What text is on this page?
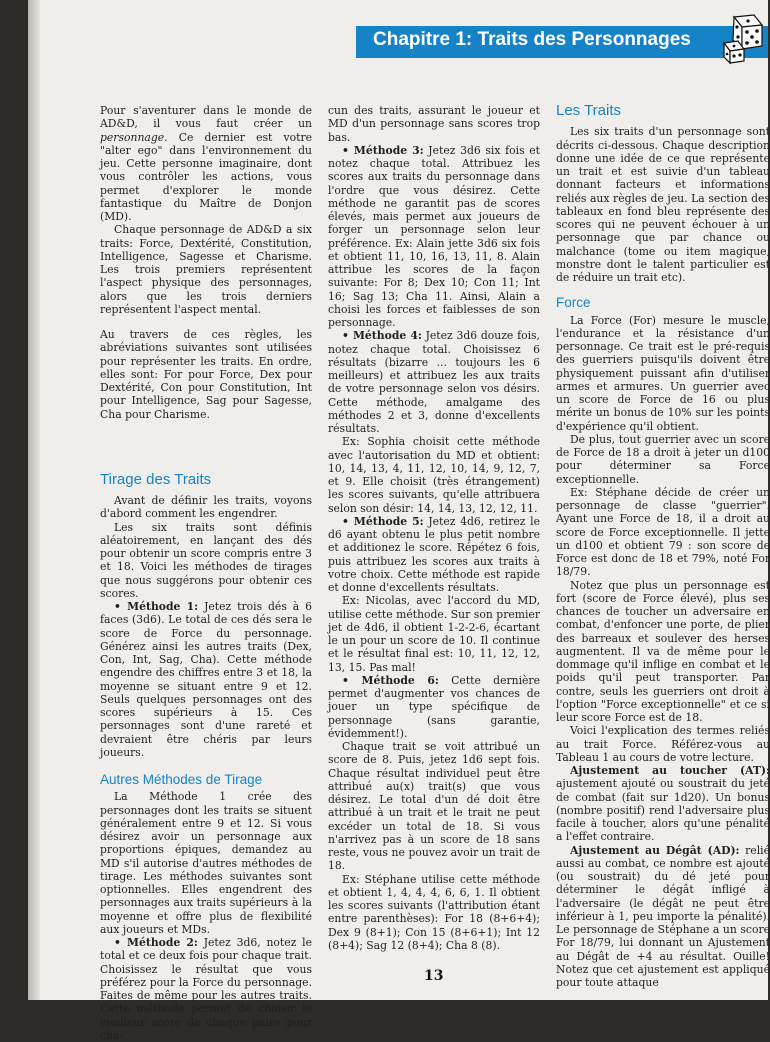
Chapitre 1: Traits des Personnages

Pour s'aventurer dans le monde de AD&D, il vous faut créer un personnage. Ce dernier est votre "alter ego" dans l'environnement du jeu. Cette personne imaginaire, dont vous contrôler les actions, vous permet d'explorer le monde fantastique du Maître de Donjon (MD).

Chaque personnage de AD&D a six traits: Force, Dextérité, Constitution, Intelligence, Sagesse et Charisme. Les trois premiers représentent l'aspect physique des personnages, alors que les trois derniers représentent l'aspect mental.

Au travers de ces règles, les abréviations suivantes sont utilisées pour représenter les traits. En ordre, elles sont: For pour Force, Dex pour Dextérité, Con pour Constitution, Int pour Intelligence, Sag pour Sagesse, Cha pour Charisme.

Tirage des Traits

Avant de définir les traits, voyons d'abord comment les engendrer.

Les six traits sont définis aléatoirement, en lançant des dés pour obtenir un score compris entre 3 et 18. Voici les méthodes de tirages que nous suggérons pour obtenir ces scores.

• Méthode 1: Jetez trois dés à 6 faces (3d6). Le total de ces dés sera le score de Force du personnage. Générez ainsi les autres traits (Dex, Con, Int, Sag, Cha). Cette méthode engendre des chiffres entre 3 et 18, la moyenne se situant entre 9 et 12. Seuls quelques personnages ont des scores supérieurs à 15. Ces personnages sont d'une rareté et devraient être chéris par leurs joueurs.

Autres Méthodes de Tirage

La Méthode 1 crée des personnages dont les traits se situent généralement entre 9 et 12. Si vous désirez avoir un personnage aux proportions épiques, demandez au MD s'il autorise d'autres méthodes de tirage. Les méthodes suivantes sont optionnelles. Elles engendrent des personnages aux traits supérieurs à la moyenne et offre plus de flexibilité aux joueurs et MDs.

• Méthode 2: Jetez 3d6, notez le total et ce deux fois pour chaque trait. Choisissez le résultat que vous préférez pour la Force du personnage. Faites de même pour les autres traits. Cette méthode permet de choisir le meilleur score de chaque paire pour cha-

cun des traits, assurant le joueur et MD d'un personnage sans scores trop bas.

• Méthode 3: Jetez 3d6 six fois et notez chaque total. Attribuez les scores aux traits du personnage dans l'ordre que vous désirez. Cette méthode ne garantit pas de scores élevés, mais permet aux joueurs de forger un personnage selon leur préférence. Ex: Alain jette 3d6 six fois et obtient 11, 10, 16, 13, 11, 8. Alain attribue les scores de la façon suivante: For 8; Dex 10; Con 11; Int 16; Sag 13; Cha 11. Ainsi, Alain a choisi les forces et faiblesses de son personnage.

• Méthode 4: Jetez 3d6 douze fois, notez chaque total. Choisissez 6 résultats (bizarre ... toujours les 6 meilleurs) et attribuez les aux traits de votre personnage selon vos désirs. Cette méthode, amalgame des méthodes 2 et 3, donne d'excellents résultats.

Ex: Sophia choisit cette méthode avec l'autorisation du MD et obtient: 10, 14, 13, 4, 11, 12, 10, 14, 9, 12, 7, et 9. Elle choisit (très étrangement) les scores suivants, qu'elle attribuera selon son désir: 14, 14, 13, 12, 12, 11.

• Méthode 5: Jetez 4d6, retirez le d6 ayant obtenu le plus petit nombre et additionez le score. Répétez 6 fois, puis attribuez les scores aux traits à votre choix. Cette méthode est rapide et donne d'excellents résultats.

Ex: Nicolas, avec l'accord du MD, utilise cette méthode. Sur son premier jet de 4d6, il obtient 1-2-2-6, écartant le un pour un score de 10. Il continue et le résultat final est: 10, 11, 12, 12, 13, 15. Pas mal!

• Méthode 6: Cette dernière permet d'augmenter vos chances de jouer un type spécifique de personnage (sans garantie, évidemment!).

Chaque trait se voit attribué un score de 8. Puis, jetez 1d6 sept fois. Chaque résultat individuel peut être attribué au(x) trait(s) que vous désirez. Le total d'un dé doit être attribué à un trait et le trait ne peut excéder un total de 18. Si vous n'arrivez pas à un score de 18 sans reste, vous ne pouvez avoir un trait de 18.

Ex: Stéphane utilise cette méthode et obtient 1, 4, 4, 4, 6, 6, 1. Il obtient les scores suivants (l'attribution étant entre parenthèses): For 18 (8+6+4); Dex 9 (8+1); Con 15 (8+6+1); Int 12 (8+4); Sag 12 (8+4); Cha 8 (8).

Les Traits

Les six traits d'un personnage sont décrits ci-dessous. Chaque description donne une idée de ce que représente un trait et est suivie d'un tableau donnant facteurs et informations reliés aux règles de jeu. La section des tableaux en fond bleu représente des scores qui ne peuvent échouer à un personnage que par chance ou malchance (tome ou item magique, monstre dont le talent particulier est de réduire un trait etc).

Force

La Force (For) mesure le muscle, l'endurance et la résistance d'un personnage. Ce trait est le pré-requis des guerriers puisqu'ils doivent être physiquement puissant afin d'utiliser armes et armures. Un guerrier avec un score de Force de 16 ou plus mérite un bonus de 10% sur les points d'expérience qu'il obtient.

De plus, tout guerrier avec un score de Force de 18 a droit à jeter un d100 pour déterminer sa Force exceptionnelle.

Ex: Stéphane décide de créer un personnage de classe "guerrier". Ayant une Force de 18, il a droit au score de Force exceptionnelle. Il jette un d100 et obtient 79 : son score de Force est donc de 18 et 79%, noté For 18/79.

Notez que plus un personnage est fort (score de Force élevé), plus ses chances de toucher un adversaire en combat, d'enfoncer une porte, de plier des barreaux et soulever des herses augmentent. Il va de même pour le dommage qu'il inflige en combat et le poids qu'il peut transporter. Par contre, seuls les guerriers ont droit à l'option "Force exceptionnelle" et ce si leur score Force est de 18.

Voici l'explication des termes reliés au trait Force. Référez-vous au Tableau 1 au cours de votre lecture.

Ajustement au toucher (AT): ajustement ajouté ou soustrait du jeté de combat (fait sur 1d20). Un bonus (nombre positif) rend l'adversaire plus facile à toucher, alors qu'une pénalité a l'effet contraire.

Ajustement au Dégât (AD): relié aussi au combat, ce nombre est ajouté (ou soustrait) du dé jeté pour déterminer le dégât infligé à l'adversaire (le dégât ne peut être inférieur à 1, peu importe la pénalité). Le personnage de Stéphane a un score For 18/79, lui donnant un Ajustement au Dégât de +4 au résultat. Ouille! Notez que cet ajustement est appliqué pour toute attaque

13
